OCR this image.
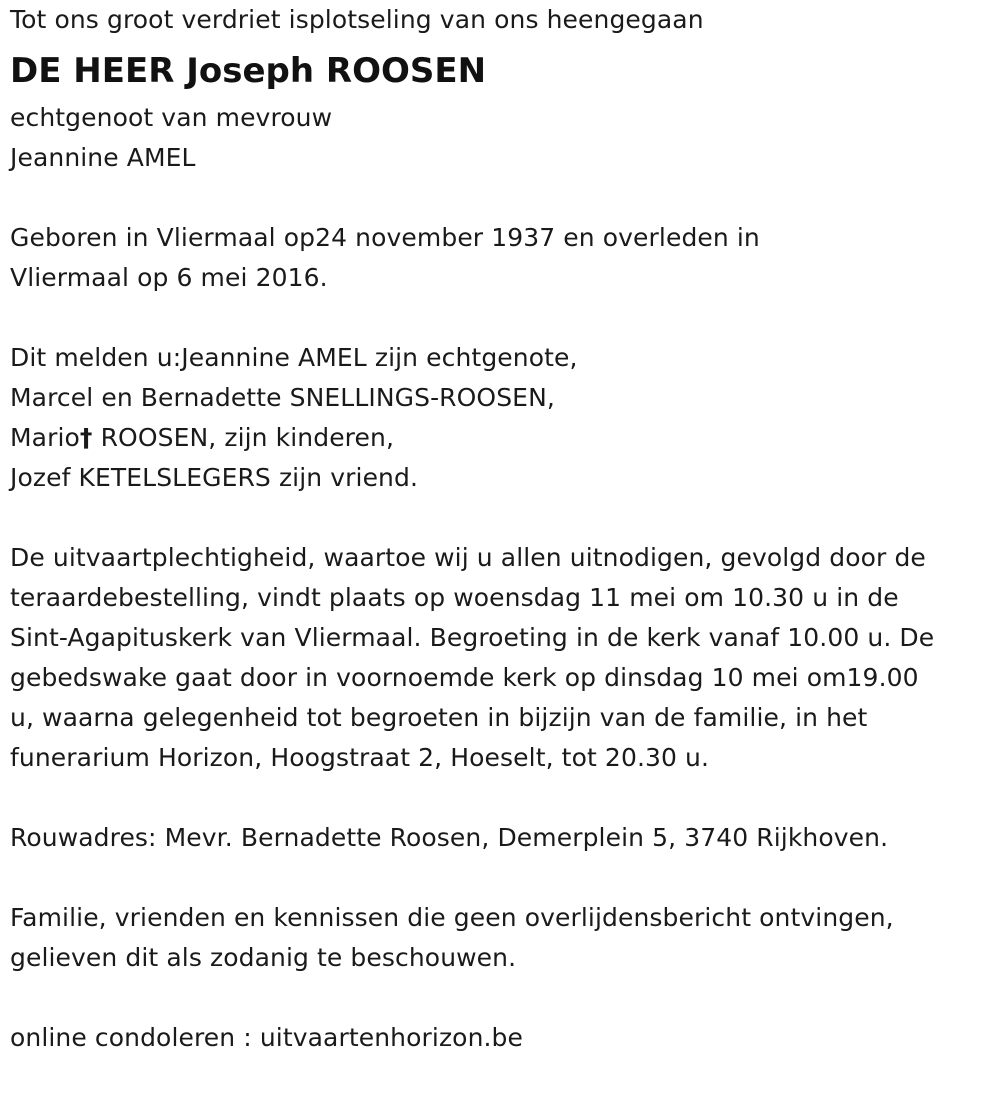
Tot ons groot verdriet isplotseling van ons heengegaan
DE HEER Joseph ROOSEN
echtgenoot van mevrouw
Jeannine AMEL
Geboren in Vliermaal op24 november 1937 en overleden in
Vliermaal op 6 mei 2016.
Dit melden u:Jeannine AMEL zijn echtgenote,
Marcel en Bernadette SNELLINGS-ROOSEN,
Mario† ROOSEN, zijn kinderen,
Jozef KETELSLEGERS zijn vriend.
De uitvaartplechtigheid, waartoe wij u allen uitnodigen, gevolgd door de
teraardebestelling, vindt plaats op woensdag 11 mei om 10.30 u in de
Sint-Agapituskerk van Vliermaal. Begroeting in de kerk vanaf 10.00 u. De
gebedswake gaat door in voornoemde kerk op dinsdag 10 mei om19.00
u, waarna gelegenheid tot begroeten in bijzijn van de familie, in het
funerarium Horizon, Hoogstraat 2, Hoeselt, tot 20.30 u.
Rouwadres: Mevr. Bernadette Roosen, Demerplein 5, 3740 Rijkhoven.
Familie, vrienden en kennissen die geen overlijdensbericht ontvingen,
gelieven dit als zodanig te beschouwen.
online condoleren : uitvaartenhorizon.be
